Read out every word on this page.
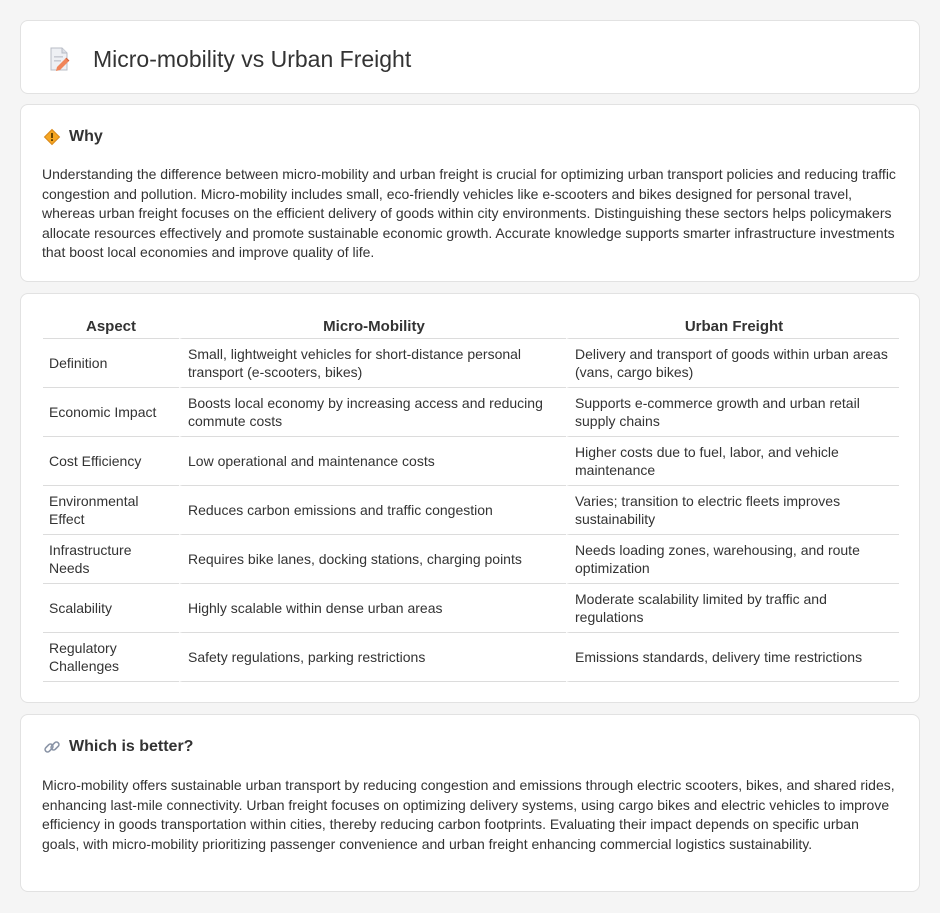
Micro-mobility vs Urban Freight
Why

Understanding the difference between micro-mobility and urban freight is crucial for optimizing urban transport policies and reducing traffic congestion and pollution. Micro-mobility includes small, eco-friendly vehicles like e-scooters and bikes designed for personal travel, whereas urban freight focuses on the efficient delivery of goods within city environments. Distinguishing these sectors helps policymakers allocate resources effectively and promote sustainable economic growth. Accurate knowledge supports smarter infrastructure investments that boost local economies and improve quality of life.

Aspect	Micro-Mobility	Urban Freight
Definition	Small, lightweight vehicles for short-distance personal transport (e-scooters, bikes)	Delivery and transport of goods within urban areas (vans, cargo bikes)
Economic Impact	Boosts local economy by increasing access and reducing commute costs	Supports e-commerce growth and urban retail supply chains
Cost Efficiency	Low operational and maintenance costs	Higher costs due to fuel, labor, and vehicle maintenance
Environmental Effect	Reduces carbon emissions and traffic congestion	Varies; transition to electric fleets improves sustainability
Infrastructure Needs	Requires bike lanes, docking stations, charging points	Needs loading zones, warehousing, and route optimization
Scalability	Highly scalable within dense urban areas	Moderate scalability limited by traffic and regulations
Regulatory Challenges	Safety regulations, parking restrictions	Emissions standards, delivery time restrictions
Which is better?

Micro-mobility offers sustainable urban transport by reducing congestion and emissions through electric scooters, bikes, and shared rides, enhancing last-mile connectivity. Urban freight focuses on optimizing delivery systems, using cargo bikes and electric vehicles to improve efficiency in goods transportation within cities, thereby reducing carbon footprints. Evaluating their impact depends on specific urban goals, with micro-mobility prioritizing passenger convenience and urban freight enhancing commercial logistics sustainability.
